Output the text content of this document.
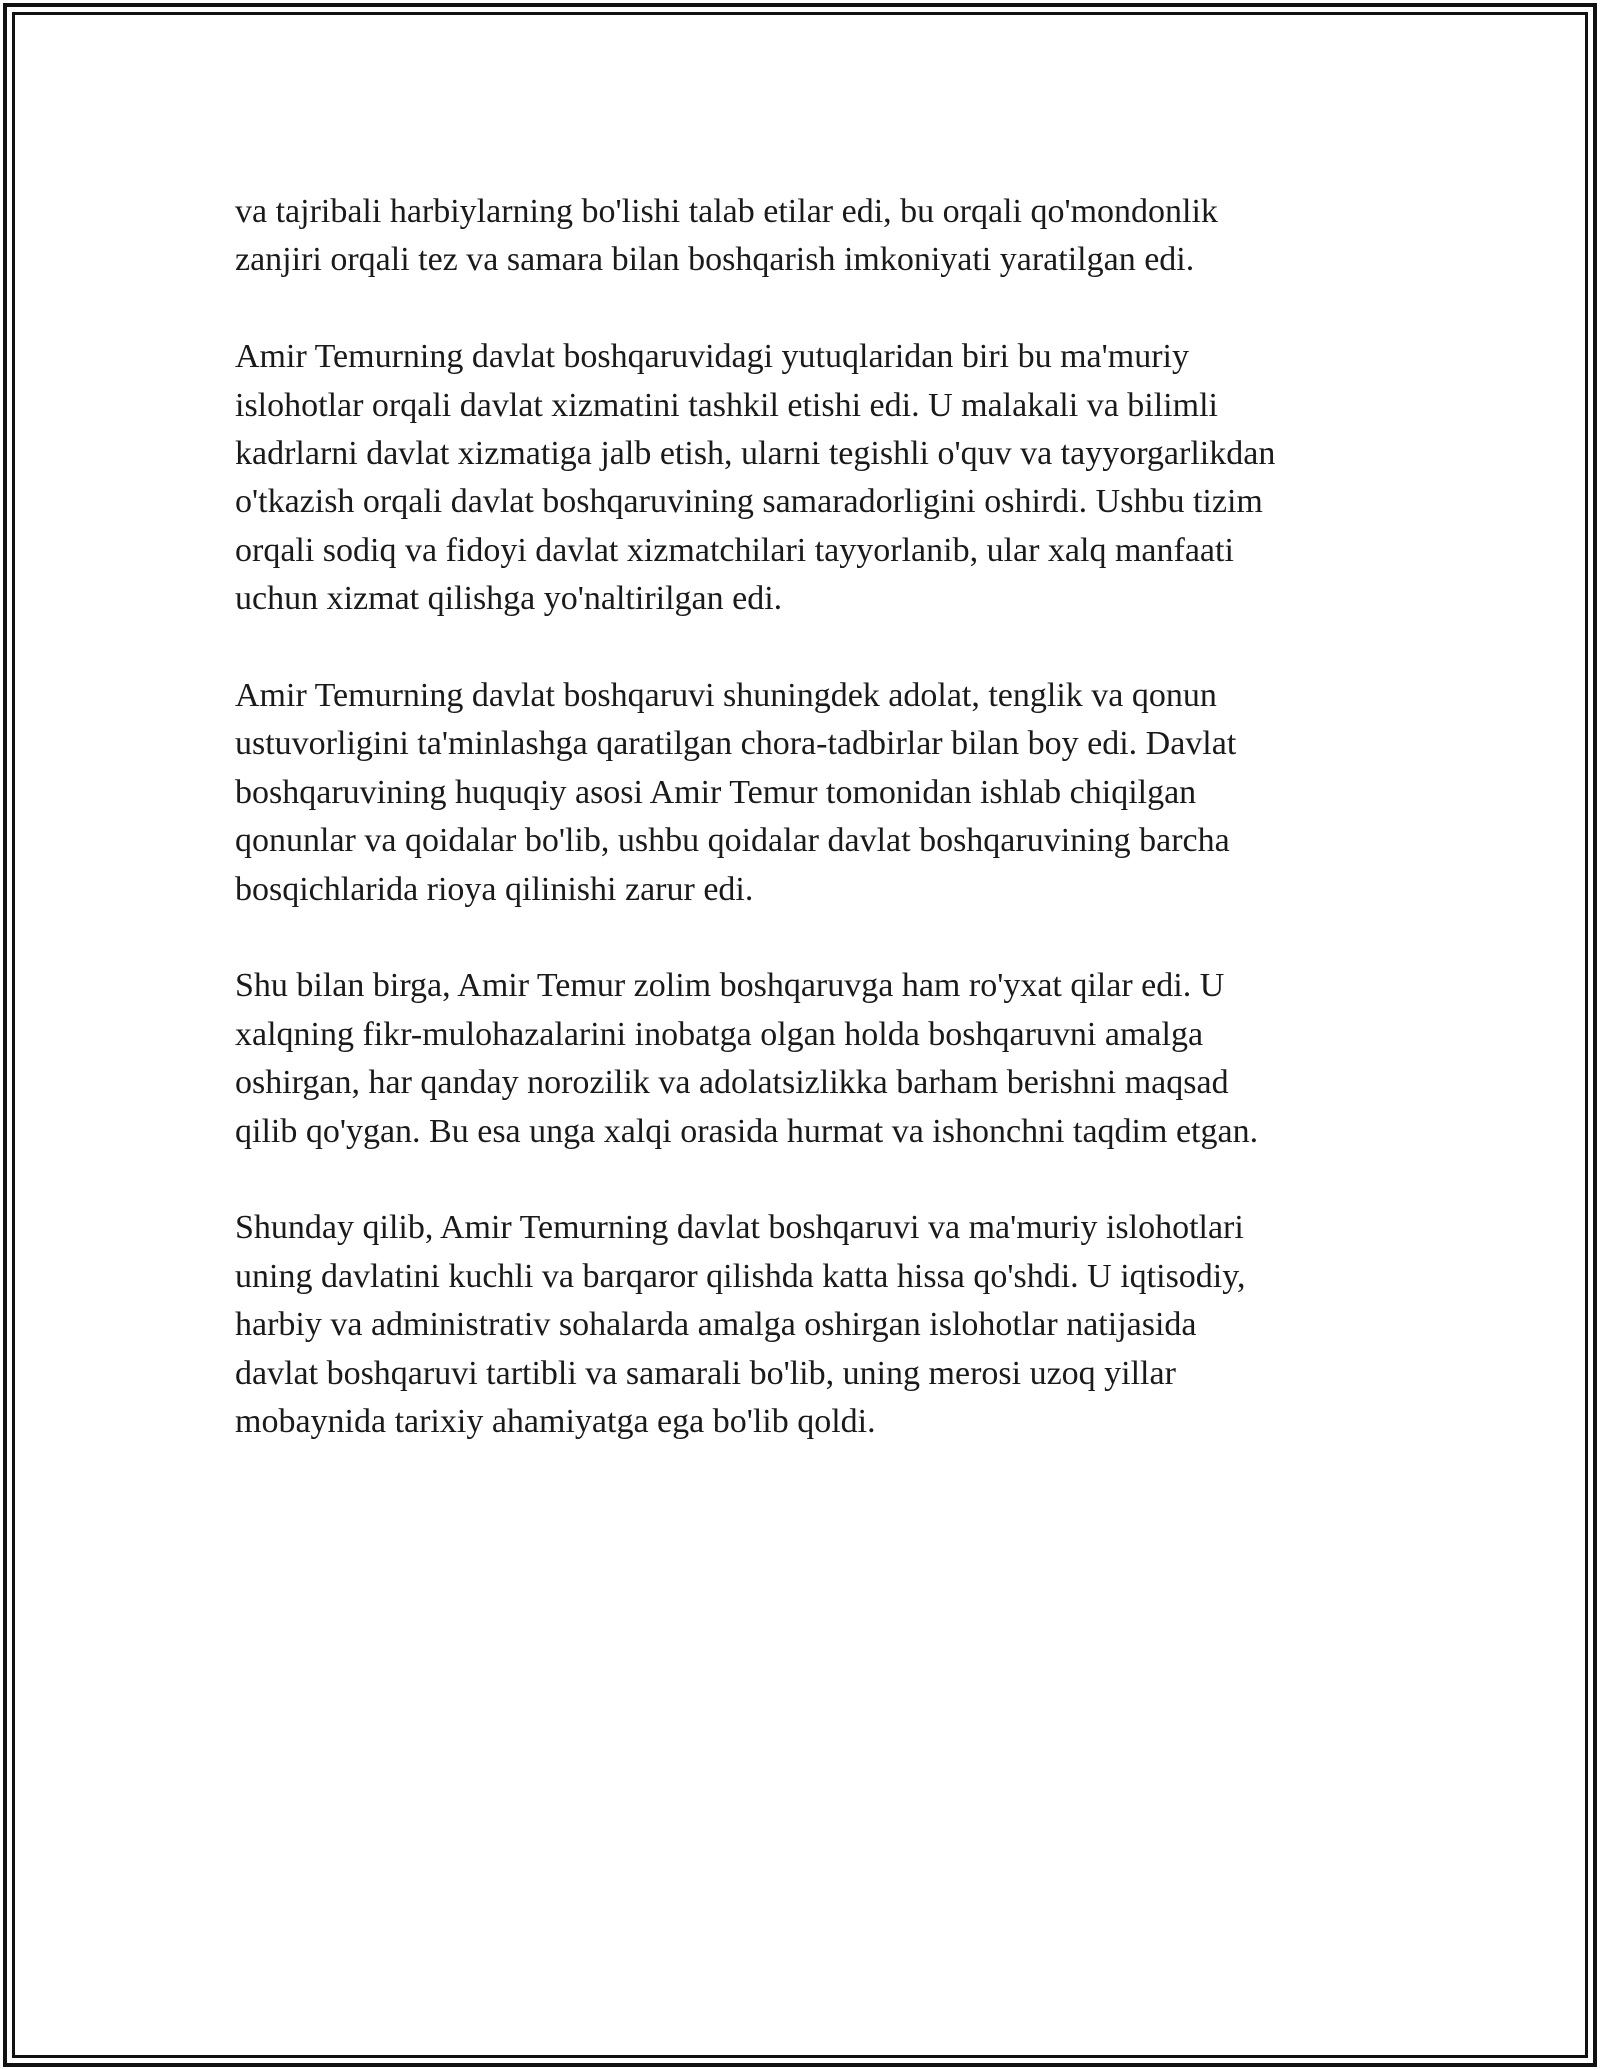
va tajribali harbiylarning bo'lishi talab etilar edi, bu orqali qo'mondonlik
zanjiri orqali tez va samara bilan boshqarish imkoniyati yaratilgan edi.

Amir Temurning davlat boshqaruvidagi yutuqlaridan biri bu ma'muriy
islohotlar orqali davlat xizmatini tashkil etishi edi. U malakali va bilimli
kadrlarni davlat xizmatiga jalb etish, ularni tegishli o'quv va tayyorgarlikdan
o'tkazish orqali davlat boshqaruvining samaradorligini oshirdi. Ushbu tizim
orqali sodiq va fidoyi davlat xizmatchilari tayyorlanib, ular xalq manfaati
uchun xizmat qilishga yo'naltirilgan edi.

Amir Temurning davlat boshqaruvi shuningdek adolat, tenglik va qonun
ustuvorligini ta'minlashga qaratilgan chora-tadbirlar bilan boy edi. Davlat
boshqaruvining huquqiy asosi Amir Temur tomonidan ishlab chiqilgan
qonunlar va qoidalar bo'lib, ushbu qoidalar davlat boshqaruvining barcha
bosqichlarida rioya qilinishi zarur edi.

Shu bilan birga, Amir Temur zolim boshqaruvga ham ro'yxat qilar edi. U
xalqning fikr-mulohazalarini inobatga olgan holda boshqaruvni amalga
oshirgan, har qanday norozilik va adolatsizlikka barham berishni maqsad
qilib qo'ygan. Bu esa unga xalqi orasida hurmat va ishonchni taqdim etgan.

Shunday qilib, Amir Temurning davlat boshqaruvi va ma'muriy islohotlari
uning davlatini kuchli va barqaror qilishda katta hissa qo'shdi. U iqtisodiy,
harbiy va administrativ sohalarda amalga oshirgan islohotlar natijasida
davlat boshqaruvi tartibli va samarali bo'lib, uning merosi uzoq yillar
mobaynida tarixiy ahamiyatga ega bo'lib qoldi.
